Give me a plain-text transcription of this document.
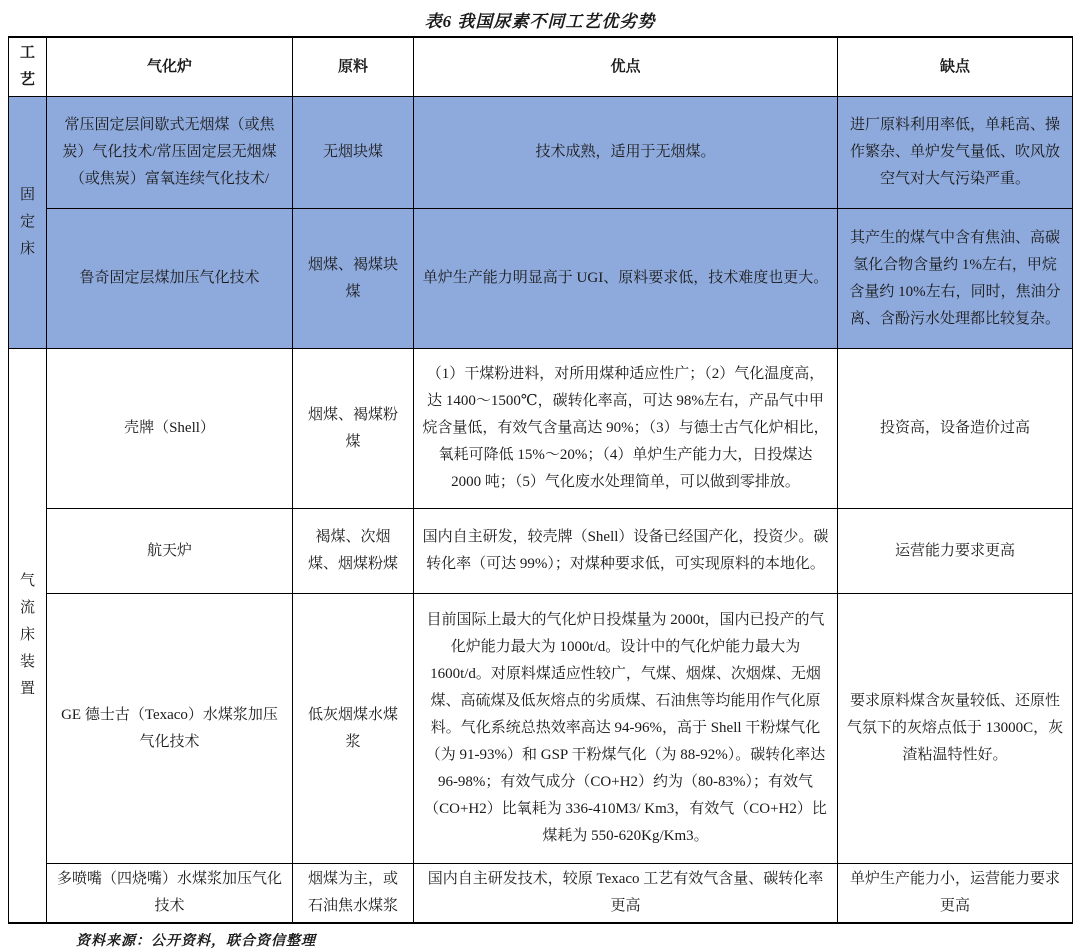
表6 我国尿素不同工艺优劣势
工艺	气化炉	原料	优点	缺点
固定床	常压固定层间歇式无烟煤（或焦炭）气化技术/常压固定层无烟煤（或焦炭）富氧连续气化技术/	无烟块煤	技术成熟，适用于无烟煤。	进厂原料利用率低，单耗高、操作繁杂、单炉发气量低、吹风放空气对大气污染严重。
	鲁奇固定层煤加压气化技术	烟煤、褐煤块煤	单炉生产能力明显高于 UGI、原料要求低，技术难度也更大。	其产生的煤气中含有焦油、高碳氢化合物含量约 1%左右，甲烷含量约 10%左右，同时，焦油分离、含酚污水处理都比较复杂。
气流床装置	壳牌（Shell）	烟煤、褐煤粉煤	（1）干煤粉进料，对所用煤种适应性广；（2）气化温度高，达 1400～1500℃，碳转化率高，可达 98%左右，产品气中甲烷含量低，有效气含量高达 90%；（3）与德士古气化炉相比，氧耗可降低 15%～20%；（4）单炉生产能力大，日投煤达 2000 吨；（5）气化废水处理简单，可以做到零排放。	投资高，设备造价过高
	航天炉	褐煤、次烟煤、烟煤粉煤	国内自主研发，较壳牌（Shell）设备已经国产化，投资少。碳转化率（可达 99%）；对煤种要求低，可实现原料的本地化。	运营能力要求更高
	GE 德士古（Texaco）水煤浆加压气化技术	低灰烟煤水煤浆	目前国际上最大的气化炉日投煤量为 2000t，国内已投产的气化炉能力最大为 1000t/d。设计中的气化炉能力最大为 1600t/d。对原料煤适应性较广，气煤、烟煤、次烟煤、无烟煤、高硫煤及低灰熔点的劣质煤、石油焦等均能用作气化原料。气化系统总热效率高达 94-96%，高于 Shell 干粉煤气化（为 91-93%）和 GSP 干粉煤气化（为 88-92%）。碳转化率达 96-98%；有效气成分（CO+H2）约为（80-83%）；有效气（CO+H2）比氧耗为 336-410M3/ Km3，有效气（CO+H2）比煤耗为 550-620Kg/Km3。	要求原料煤含灰量较低、还原性气氛下的灰熔点低于 13000C，灰渣粘温特性好。
	多喷嘴（四烧嘴）水煤浆加压气化技术	烟煤为主，或石油焦水煤浆	国内自主研发技术，较原 Texaco 工艺有效气含量、碳转化率更高	单炉生产能力小，运营能力要求更高
资料来源：公开资料，联合资信整理
